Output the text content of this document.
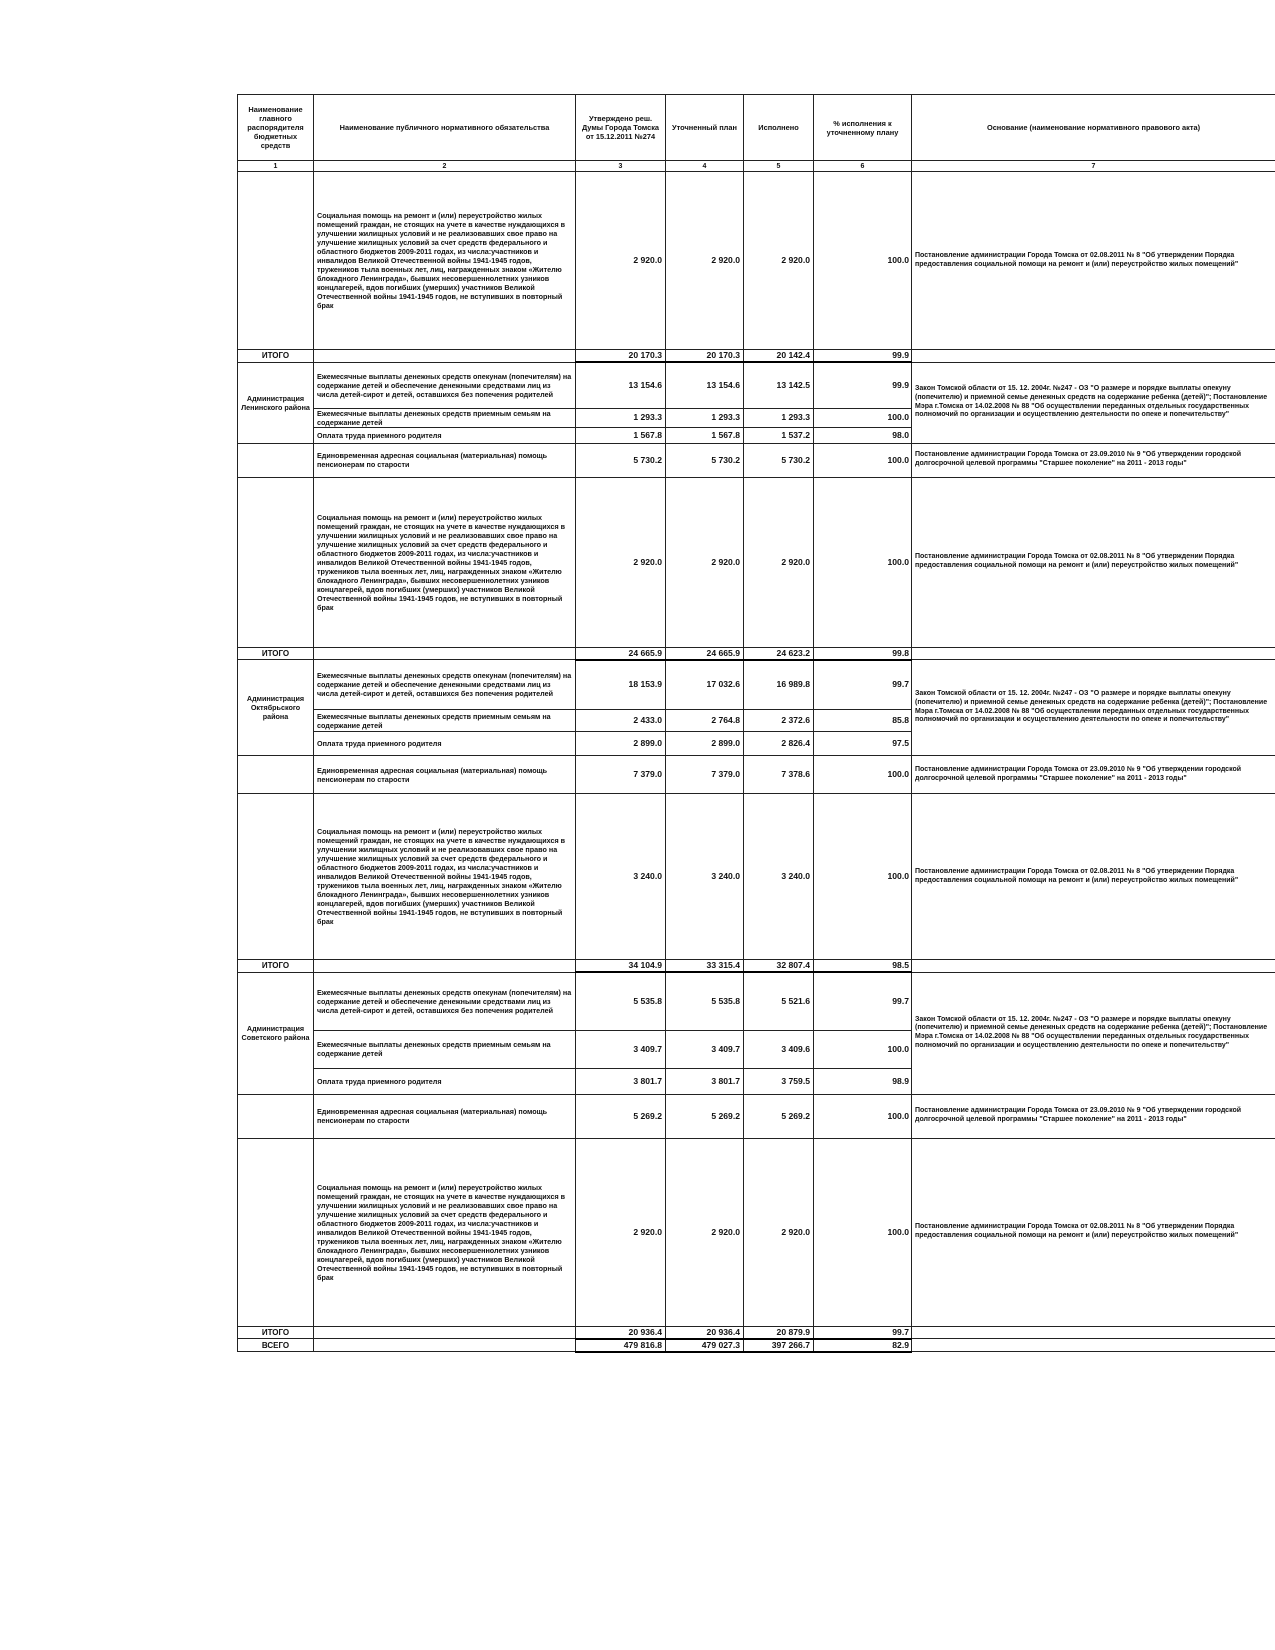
Наименование главного распорядителя бюджетных средств	Наименование публичного нормативного обязательства	Утверждено реш. Думы Города Томска от 15.12.2011 №274	Уточненный план	Исполнено	% исполнения к уточненному плану	Основание (наименование нормативного правового акта)
1	2	3	4	5	6	7
	Социальная помощь на ремонт и (или) переустройство жилых помещений граждан, не стоящих на учете в качестве нуждающихся в улучшении жилищных условий и не реализовавших свое право на улучшение жилищных условий за счет средств федерального и областного бюджетов 2009-2011 годах, из числа:участников и инвалидов Великой Отечественной войны 1941-1945 годов, тружеников тыла военных лет, лиц, награжденных знаком «Жителю блокадного Ленинграда», бывших несовершеннолетних узников концлагерей, вдов погибших (умерших) участников Великой Отечественной войны 1941-1945 годов, не вступивших в повторный брак	2 920.0	2 920.0	2 920.0	100.0	Постановление администрации Города Томска от 02.08.2011 № 8 "Об утверждении Порядка предоставления социальной помощи на ремонт и (или) переустройство жилых помещений"
ИТОГО		20 170.3	20 170.3	20 142.4	99.9	
Администрация Ленинского района	Ежемесячные выплаты денежных средств опекунам (попечителям) на содержание детей и обеспечение денежными средствами лиц из числа детей-сирот и детей, оставшихся без попечения родителей	13 154.6	13 154.6	13 142.5	99.9	Закон Томской области от 15. 12. 2004г. №247 - ОЗ "О размере и порядке выплаты опекуну (попечителю) и приемной семье денежных средств на содержание ребенка (детей)"; Постановление Мэра г.Томска от 14.02.2008 № 88 "Об осуществлении переданных отдельных государственных полномочий по организации и осуществлению деятельности по опеке и попечительству"
	Ежемесячные выплаты денежных средств приемным семьям на содержание детей	1 293.3	1 293.3	1 293.3	100.0	
	Оплата труда приемного родителя	1 567.8	1 567.8	1 537.2	98.0	
	Единовременная адресная социальная (материальная) помощь пенсионерам по старости	5 730.2	5 730.2	5 730.2	100.0	Постановление администрации Города Томска от 23.09.2010 № 9 "Об утверждении городской долгосрочной целевой программы "Старшее поколение" на 2011 - 2013 годы"
	Социальная помощь на ремонт и (или) переустройство жилых помещений граждан, не стоящих на учете в качестве нуждающихся в улучшении жилищных условий и не реализовавших свое право на улучшение жилищных условий за счет средств федерального и областного бюджетов 2009-2011 годах, из числа:участников и инвалидов Великой Отечественной войны 1941-1945 годов, тружеников тыла военных лет, лиц, награжденных знаком «Жителю блокадного Ленинграда», бывших несовершеннолетних узников концлагерей, вдов погибших (умерших) участников Великой Отечественной войны 1941-1945 годов, не вступивших в повторный брак	2 920.0	2 920.0	2 920.0	100.0	Постановление администрации Города Томска от 02.08.2011 № 8 "Об утверждении Порядка предоставления социальной помощи на ремонт и (или) переустройство жилых помещений"
ИТОГО		24 665.9	24 665.9	24 623.2	99.8	
Администрация Октябрьского района	Ежемесячные выплаты денежных средств опекунам (попечителям) на содержание детей и обеспечение денежными средствами лиц из числа детей-сирот и детей, оставшихся без попечения родителей	18 153.9	17 032.6	16 989.8	99.7	Закон Томской области от 15. 12. 2004г. №247 - ОЗ "О размере и порядке выплаты опекуну (попечителю) и приемной семье денежных средств на содержание ребенка (детей)"; Постановление Мэра г.Томска от 14.02.2008 № 88 "Об осуществлении переданных отдельных государственных полномочий по организации и осуществлению деятельности по опеке и попечительству"
	Ежемесячные выплаты денежных средств приемным семьям на содержание детей	2 433.0	2 764.8	2 372.6	85.8	
	Оплата труда приемного родителя	2 899.0	2 899.0	2 826.4	97.5	
	Единовременная адресная социальная (материальная) помощь пенсионерам по старости	7 379.0	7 379.0	7 378.6	100.0	Постановление администрации Города Томска от 23.09.2010 № 9 "Об утверждении городской долгосрочной целевой программы "Старшее поколение" на 2011 - 2013 годы"
	Социальная помощь на ремонт и (или) переустройство жилых помещений граждан, не стоящих на учете в качестве нуждающихся в улучшении жилищных условий и не реализовавших свое право на улучшение жилищных условий за счет средств федерального и областного бюджетов 2009-2011 годах, из числа:участников и инвалидов Великой Отечественной войны 1941-1945 годов, тружеников тыла военных лет, лиц, награжденных знаком «Жителю блокадного Ленинграда», бывших несовершеннолетних узников концлагерей, вдов погибших (умерших) участников Великой Отечественной войны 1941-1945 годов, не вступивших в повторный брак	3 240.0	3 240.0	3 240.0	100.0	Постановление администрации Города Томска от 02.08.2011 № 8 "Об утверждении Порядка предоставления социальной помощи на ремонт и (или) переустройство жилых помещений"
ИТОГО		34 104.9	33 315.4	32 807.4	98.5	
Администрация Советского района	Ежемесячные выплаты денежных средств опекунам (попечителям) на содержание детей и обеспечение денежными средствами лиц из числа детей-сирот и детей, оставшихся без попечения родителей	5 535.8	5 535.8	5 521.6	99.7	Закон Томской области от 15. 12. 2004г. №247 - ОЗ "О размере и порядке выплаты опекуну (попечителю) и приемной семье денежных средств на содержание ребенка (детей)"; Постановление Мэра г.Томска от 14.02.2008 № 88 "Об осуществлении переданных отдельных государственных полномочий по организации и осуществлению деятельности по опеке и попечительству"
	Ежемесячные выплаты денежных средств приемным семьям на содержание детей	3 409.7	3 409.7	3 409.6	100.0	
	Оплата труда приемного родителя	3 801.7	3 801.7	3 759.5	98.9	
	Единовременная адресная социальная (материальная) помощь пенсионерам по старости	5 269.2	5 269.2	5 269.2	100.0	Постановление администрации Города Томска от 23.09.2010 № 9 "Об утверждении городской долгосрочной целевой программы "Старшее поколение" на 2011 - 2013 годы"
	Социальная помощь на ремонт и (или) переустройство жилых помещений граждан, не стоящих на учете в качестве нуждающихся в улучшении жилищных условий и не реализовавших свое право на улучшение жилищных условий за счет средств федерального и областного бюджетов 2009-2011 годах, из числа:участников и инвалидов Великой Отечественной войны 1941-1945 годов, тружеников тыла военных лет, лиц, награжденных знаком «Жителю блокадного Ленинграда», бывших несовершеннолетних узников концлагерей, вдов погибших (умерших) участников Великой Отечественной войны 1941-1945 годов, не вступивших в повторный брак	2 920.0	2 920.0	2 920.0	100.0	Постановление администрации Города Томска от 02.08.2011 № 8 "Об утверждении Порядка предоставления социальной помощи на ремонт и (или) переустройство жилых помещений"
ИТОГО		20 936.4	20 936.4	20 879.9	99.7	
ВСЕГО		479 816.8	479 027.3	397 266.7	82.9	
